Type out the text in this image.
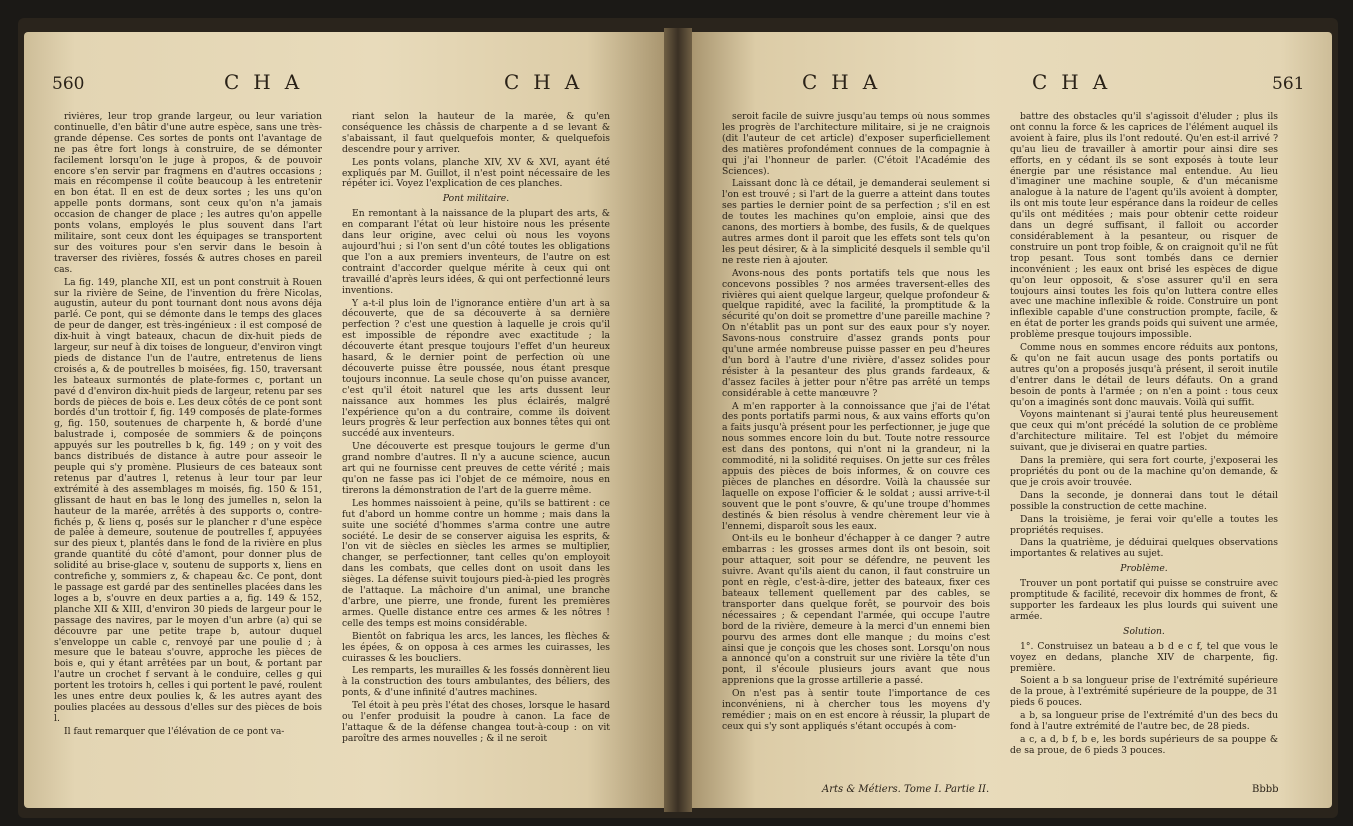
560	CHA	CHA

rivières, leur trop grande largeur, ou leur variation continuelle, d'en bâtir d'une autre espèce, sans une très-grande dépense. Ces sortes de ponts ont l'avantage de ne pas être fort longs à construire, de se démonter facilement lorsqu'on le juge à propos, & de pouvoir encore s'en servir par fragmens en d'autres occasions ; mais en récompense il coûte beaucoup à les entretenir en bon état. Il en est de deux sortes ; les uns qu'on appelle ponts dormans, sont ceux qu'on n'a jamais occasion de changer de place ; les autres qu'on appelle ponts volans, employés le plus souvent dans l'art militaire, sont ceux dont les équipages se transportent sur des voitures pour s'en servir dans le besoin à traverser des rivières, fossés & autres choses en pareil cas.

La fig. 149, planche XII, est un pont construit à Rouen sur la rivière de Seine, de l'invention du frère Nicolas, augustin, auteur du pont tournant dont nous avons déja parlé. Ce pont, qui se démonte dans le temps des glaces de peur de danger, est très-ingénieux : il est composé de dix-huit à vingt bateaux, chacun de dix-huit pieds de largeur, sur neuf à dix toises de longueur, d'environ vingt pieds de distance l'un de l'autre, entretenus de liens croisés a, & de poutrelles b moisées, fig. 150, traversant les bateaux surmontés de plate-formes c, portant un pavé d d'environ dix-huit pieds de largeur, retenu par ses bords de pièces de bois e. Les deux côtés de ce pont sont bordés d'un trottoir f, fig. 149 composés de plate-formes g, fig. 150, soutenues de charpente h, & bordé d'une balustrade i, composée de sommiers & de poinçons appuyés sur les poutrelles b k, fig. 149 ; on y voit des bancs distribués de distance à autre pour asseoir le peuple qui s'y promène. Plusieurs de ces bateaux sont retenus par d'autres l, retenus à leur tour par leur extrémité à des assemblages m moisés, fig. 150 & 151, glissant de haut en bas le long des jumelles n, selon la hauteur de la marée, arrêtés à des supports o, contre-fichés p, & liens q, posés sur le plancher r d'une espèce de palée à demeure, soutenue de poutrelles f, appuyées sur des pieux t, plantés dans le fond de la rivière en plus grande quantité du côté d'amont, pour donner plus de solidité au brise-glace v, soutenu de supports x, liens en contrefiche y, sommiers z, & chapeau &c. Ce pont, dont le passage est gardé par des sentinelles placées dans les loges a b, s'ouvre en deux parties a a, fig. 149 & 152, planche XII & XIII, d'environ 30 pieds de largeur pour le passage des navires, par le moyen d'un arbre (a) qui se découvre par une petite trape b, autour duquel s'enveloppe un cable c, renvoyé par une poulie d ; à mesure que le bateau s'ouvre, approche les pièces de bois e, qui y étant arrêtées par un bout, & portant par l'autre un crochet f servant à le conduire, celles g qui portent les trotoirs h, celles i qui portent le pavé, roulent les unes entre deux poulies k, & les autres ayant des poulies placées au dessous d'elles sur des pièces de bois l.

Il faut remarquer que l'élévation de ce pont va-

riant selon la hauteur de la marée, & qu'en conséquence les châssis de charpente a d se levant & s'abaissant, il faut quelquefois monter, & quelquefois descendre pour y arriver.

Les ponts volans, planche XIV, XV & XVI, ayant été expliqués par M. Guillot, il n'est point nécessaire de les répéter ici. Voyez l'explication de ces planches.

Pont militaire.

En remontant à la naissance de la plupart des arts, & en comparant l'état où leur histoire nous les présente dans leur origine, avec celui où nous les voyons aujourd'hui ; si l'on sent d'un côté toutes les obligations que l'on a aux premiers inventeurs, de l'autre on est contraint d'accorder quelque mérite à ceux qui ont travaillé d'après leurs idées, & qui ont perfectionné leurs inventions.

Y a-t-il plus loin de l'ignorance entière d'un art à sa découverte, que de sa découverte à sa dernière perfection ? c'est une question à laquelle je crois qu'il est impossible de répondre avec exactitude ; la découverte étant presque toujours l'effet d'un heureux hasard, & le dernier point de perfection où une découverte puisse être poussée, nous étant presque toujours inconnue. La seule chose qu'on puisse avancer, c'est qu'il étoit naturel que les arts dussent leur naissance aux hommes les plus éclairés, malgré l'expérience qu'on a du contraire, comme ils doivent leurs progrès & leur perfection aux bonnes têtes qui ont succédé aux inventeurs.

Une découverte est presque toujours le germe d'un grand nombre d'autres. Il n'y a aucune science, aucun art qui ne fournisse cent preuves de cette vérité ; mais qu'on ne fasse pas ici l'objet de ce mémoire, nous en tirerons la démonstration de l'art de la guerre même.

Les hommes naissoient à peine, qu'ils se battirent : ce fut d'abord un homme contre un homme ; mais dans la suite une société d'hommes s'arma contre une autre société. Le desir de se conserver aiguisa les esprits, & l'on vit de siècles en siècles les armes se multiplier, changer, se perfectionner, tant celles qu'on employoit dans les combats, que celles dont on usoit dans les sièges. La défense suivit toujours pied-à-pied les progrès de l'attaque. La mâchoire d'un animal, une branche d'arbre, une pierre, une fronde, furent les premières armes. Quelle distance entre ces armes & les nôtres ! celle des temps est moins considérable.

Bientôt on fabriqua les arcs, les lances, les flèches & les épées, & on opposa à ces armes les cuirasses, les cuirasses & les boucliers.

Les remparts, les murailles & les fossés donnèrent lieu à la construction des tours ambulantes, des béliers, des ponts, & d'une infinité d'autres machines.

Tel étoit à peu près l'état des choses, lorsque le hasard ou l'enfer produisit la poudre à canon. La face de l'attaque & de la défense changea tout-à-coup : on vit paroître des armes nouvelles ; & il ne seroit

CHA	CHA	561

seroit facile de suivre jusqu'au temps où nous sommes les progrès de l'architecture militaire, si je ne craignois (dit l'auteur de cet article) d'exposer superficiellement des matières profondément connues de la compagnie à qui j'ai l'honneur de parler. (C'étoit l'Académie des Sciences).

Laissant donc là ce détail, je demanderai seulement si l'on est trouvé ; si l'art de la guerre a atteint dans toutes ses parties le dernier point de sa perfection ; s'il en est de toutes les machines qu'on emploie, ainsi que des canons, des mortiers à bombe, des fusils, & de quelques autres armes dont il paroit que les effets sont tels qu'on les peut désirer, & à la simplicité desquels il semble qu'il ne reste rien à ajouter.

Avons-nous des ponts portatifs tels que nous les concevons possibles ? nos armées traversent-elles des rivières qui aient quelque largeur, quelque profondeur & quelque rapidité, avec la facilité, la promptitude & la sécurité qu'on doit se promettre d'une pareille machine ? On n'établit pas un pont sur des eaux pour s'y noyer. Savons-nous construire d'assez grands ponts pour qu'une armée nombreuse puisse passer en peu d'heures d'un bord à l'autre d'une rivière, d'assez solides pour résister à la pesanteur des plus grands fardeaux, & d'assez faciles à jetter pour n'être pas arrêté un temps considérable à cette manœuvre ?

A m'en rapporter à la connoissance que j'ai de l'état des ponts portatifs parmi nous, & aux vains efforts qu'on a faits jusqu'à présent pour les perfectionner, je juge que nous sommes encore loin du but. Toute notre ressource est dans des pontons, qui n'ont ni la grandeur, ni la commodité, ni la solidité requises. On jette sur ces frêles appuis des pièces de bois informes, & on couvre ces pièces de planches en désordre. Voilà la chaussée sur laquelle on expose l'officier & le soldat ; aussi arrive-t-il souvent que le pont s'ouvre, & qu'une troupe d'hommes destinés & bien résolus à vendre chèrement leur vie à l'ennemi, disparoît sous les eaux.

Ont-ils eu le bonheur d'échapper à ce danger ? autre embarras : les grosses armes dont ils ont besoin, soit pour attaquer, soit pour se défendre, ne peuvent les suivre. Avant qu'ils aient du canon, il faut construire un pont en règle, c'est-à-dire, jetter des bateaux, fixer ces bateaux tellement quellement par des cables, se transporter dans quelque forêt, se pourvoir des bois nécessaires ; & cependant l'armée, qui occupe l'autre bord de la rivière, demeure à la merci d'un ennemi bien pourvu des armes dont elle manque ; du moins c'est ainsi que je conçois que les choses sont. Lorsqu'on nous a annoncé qu'on a construit sur une rivière la tête d'un pont, il s'écoule plusieurs jours avant que nous apprenions que la grosse artillerie a passé.

On n'est pas à sentir toute l'importance de ces inconvéniens, ni à chercher tous les moyens d'y remédier ; mais on en est encore à réussir, la plupart de ceux qui s'y sont appliqués s'étant occupés à com-

battre des obstacles qu'il s'agissoit d'éluder ; plus ils ont connu la force & les caprices de l'élément auquel ils avoient à faire, plus ils l'ont redouté. Qu'en est-il arrivé ? qu'au lieu de travailler à amortir pour ainsi dire ses efforts, en y cédant ils se sont exposés à toute leur énergie par une résistance mal entendue. Au lieu d'imaginer une machine souple, & d'un mécanisme analogue à la nature de l'agent qu'ils avoient à dompter, ils ont mis toute leur espérance dans la roideur de celles qu'ils ont méditées ; mais pour obtenir cette roideur dans un degré suffisant, il falloit ou accorder considérablement à la pesanteur, ou risquer de construire un pont trop foible, & on craignoit qu'il ne fût trop pesant. Tous sont tombés dans ce dernier inconvénient ; les eaux ont brisé les espèces de digue qu'on leur opposoit, & s'ose assurer qu'il en sera toujours ainsi toutes les fois qu'on luttera contre elles avec une machine inflexible & roide. Construire un pont inflexible capable d'une construction prompte, facile, & en état de porter les grands poids qui suivent une armée, problème presque toujours impossible.

Comme nous en sommes encore réduits aux pontons, & qu'on ne fait aucun usage des ponts portatifs ou autres qu'on a proposés jusqu'à présent, il seroit inutile d'entrer dans le détail de leurs défauts. On a grand besoin de ponts à l'armée ; on n'en a point : tous ceux qu'on a imaginés sont donc mauvais. Voilà qui suffit.

Voyons maintenant si j'aurai tenté plus heureusement que ceux qui m'ont précédé la solution de ce problème d'architecture militaire. Tel est l'objet du mémoire suivant, que je diviserai en quatre parties.

Dans la première, qui sera fort courte, j'exposerai les propriétés du pont ou de la machine qu'on demande, & que je crois avoir trouvée.

Dans la seconde, je donnerai dans tout le détail possible la construction de cette machine.

Dans la troisième, je ferai voir qu'elle a toutes les propriétés requises.

Dans la quatrième, je déduirai quelques observations importantes & relatives au sujet.

Problème.

Trouver un pont portatif qui puisse se construire avec promptitude & facilité, recevoir dix hommes de front, & supporter les fardeaux les plus lourds qui suivent une armée.

Solution.

1°. Construisez un bateau a b d e c f, tel que vous le voyez en dedans, planche XIV de charpente, fig. première.

Soient a b sa longueur prise de l'extrémité supérieure de la proue, à l'extrémité supérieure de la pouppe, de 31 pieds 6 pouces.

a b, sa longueur prise de l'extrémité d'un des becs du fond à l'autre extrémité de l'autre bec, de 28 pieds.

a c, a d, b f, b e, les bords supérieurs de sa pouppe & de sa proue, de 6 pieds 3 pouces.

Arts & Métiers. Tome I. Partie II.	Bbbb
